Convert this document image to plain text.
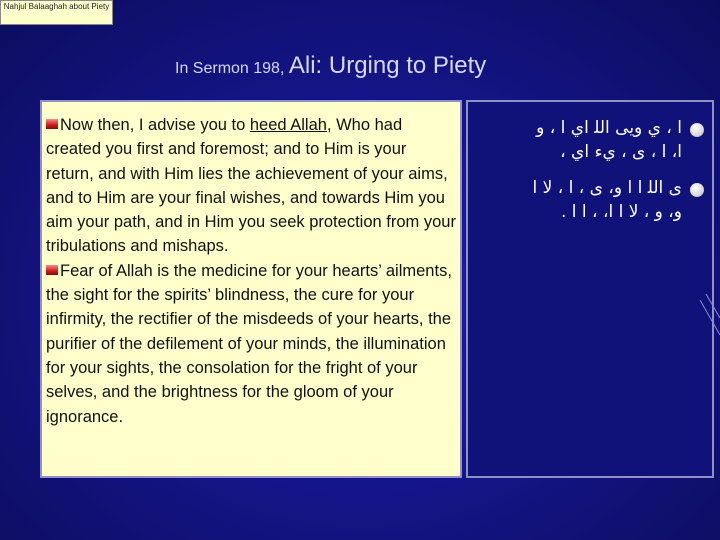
Nahjul Balaaghah about Piety
In Sermon 198, Ali: Urging to Piety

Now then, I advise you to heed Allah, Who had created you first and foremost; and to Him is your return, and with Him lies the achievement of your aims, and to Him are your final wishes, and towards Him you aim your path, and in Him you seek protection from your tribulations and mishaps.

Fear of Allah is the medicine for your hearts’ ailments, the sight for the spirits’ blindness, the cure for your infirmity, the rectifier of the misdeeds of your hearts, the purifier of the defilement of your minds, the illumination for your sights, the consolation for the fright of your selves, and the brightness for the gloom of your ignorance.

ا ، ي ويى اﻟﻠ اي ا ، و
ا، ا ، ى ، يء اي ،
ى اﻟﻠ ا ا و، ى ، ا ، ﻻ ا
و، و ، ﻻ ا ا، ، ا ا .
